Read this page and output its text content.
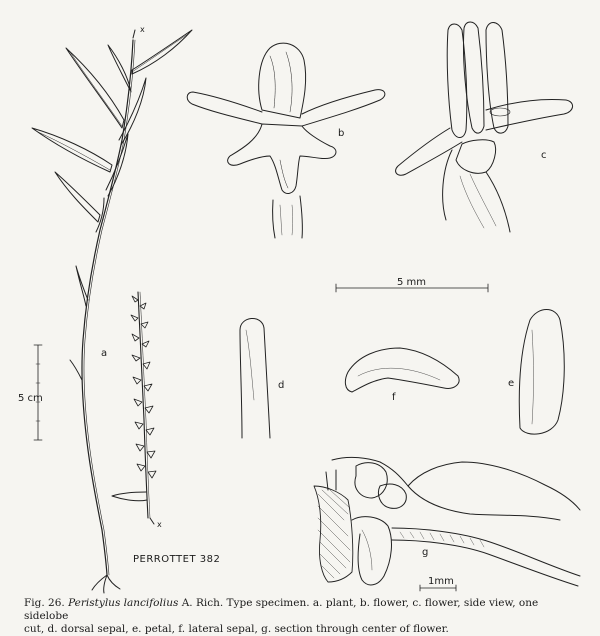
a
b
c
d	e
f
g
x
x
5 cm
5 mm
1mm
PERROTTET 382
Fig. 26. Peristylus lancifolius A. Rich. Type specimen. a. plant, b. flower, c. flower, side view, one sidelobe
cut, d. dorsal sepal, e. petal, f. lateral sepal, g. section through center of flower.
